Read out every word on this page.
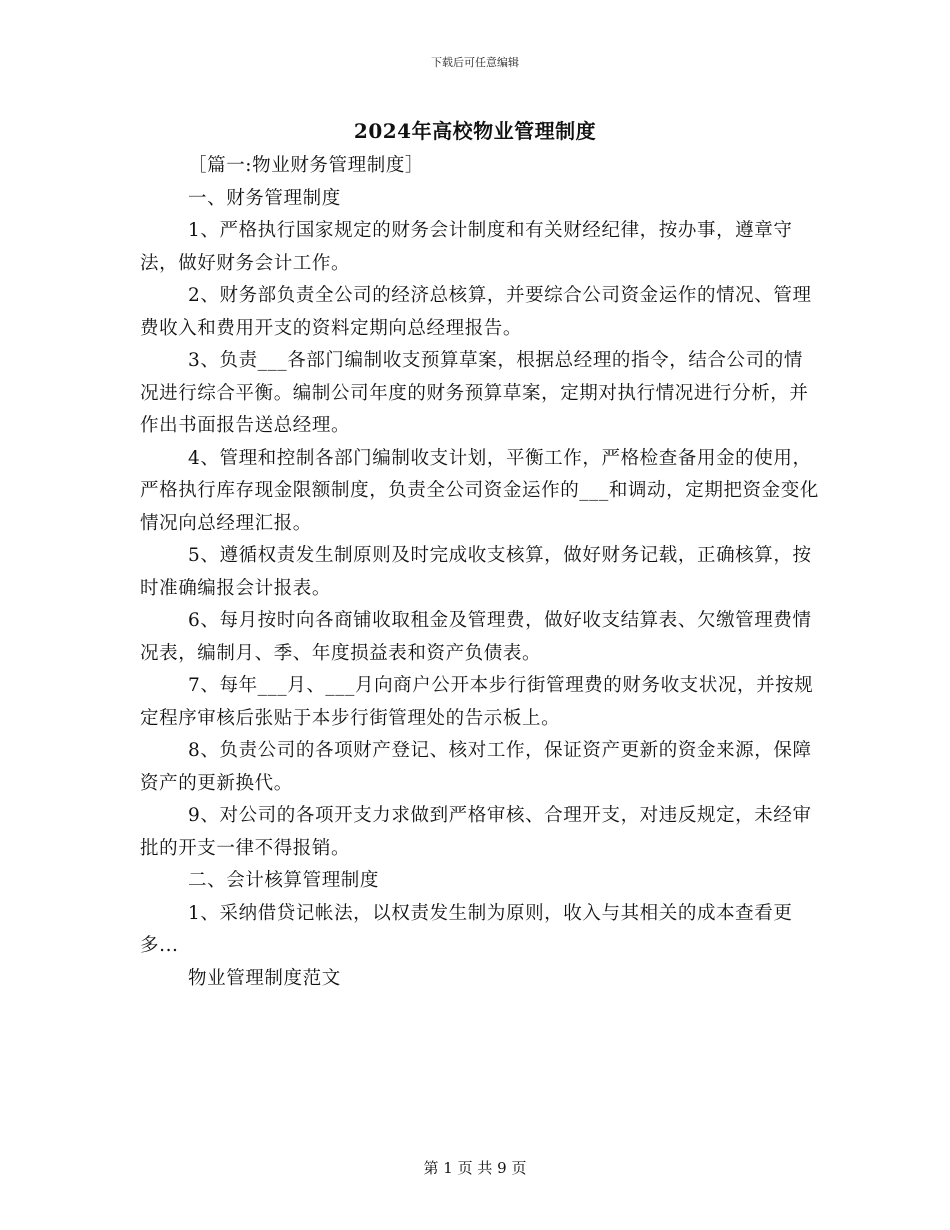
下载后可任意编辑
2024年高校物业管理制度

［篇一:物业财务管理制度］

一、财务管理制度

1、严格执行国家规定的财务会计制度和有关财经纪律，按办事，遵章守法，做好财务会计工作。

2、财务部负责全公司的经济总核算，并要综合公司资金运作的情况、管理费收入和费用开支的资料定期向总经理报告。

3、负责___各部门编制收支预算草案，根据总经理的指令，结合公司的情况进行综合平衡。编制公司年度的财务预算草案，定期对执行情况进行分析，并作出书面报告送总经理。

4、管理和控制各部门编制收支计划，平衡工作，严格检查备用金的使用，严格执行库存现金限额制度，负责全公司资金运作的___和调动，定期把资金变化情况向总经理汇报。

5、遵循权责发生制原则及时完成收支核算，做好财务记载，正确核算，按时准确编报会计报表。

6、每月按时向各商铺收取租金及管理费，做好收支结算表、欠缴管理费情况表，编制月、季、年度损益表和资产负债表。

7、每年___月、___月向商户公开本步行街管理费的财务收支状况，并按规定程序审核后张贴于本步行街管理处的告示板上。

8、负责公司的各项财产登记、核对工作，保证资产更新的资金来源，保障资产的更新换代。

9、对公司的各项开支力求做到严格审核、合理开支，对违反规定，未经审批的开支一律不得报销。

二、会计核算管理制度

1、采纳借贷记帐法，以权责发生制为原则，收入与其相关的成本查看更多...

物业管理制度范文

第 1 页 共 9 页
